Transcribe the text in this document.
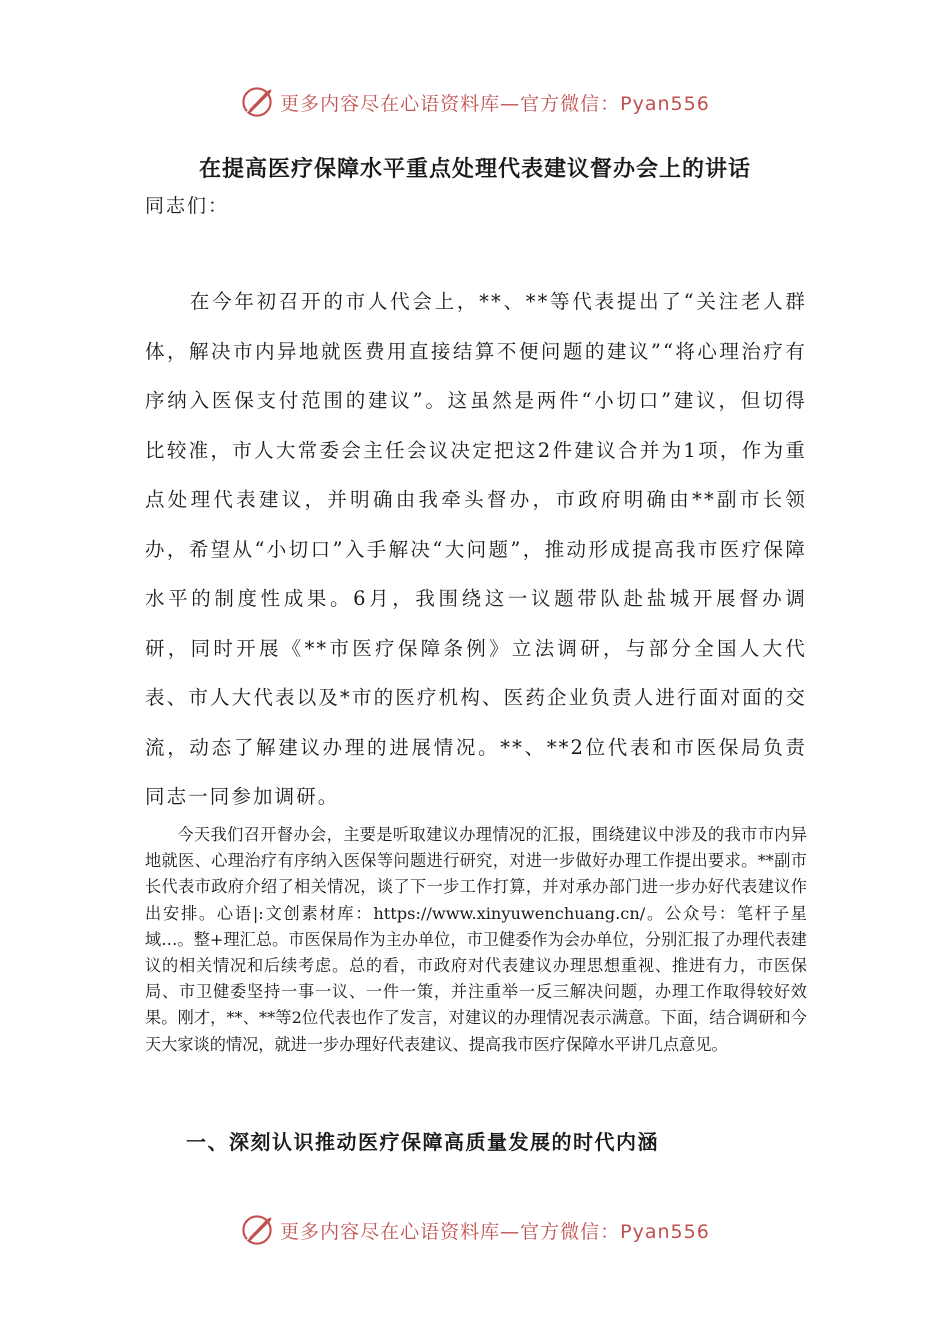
更多内容尽在心语资料库—官方微信：Pyan556
在提高医疗保障水平重点处理代表建议督办会上的讲话
同志们：

在今年初召开的市人代会上，**、**等代表提出了“关注老人群体，解决市内异地就医费用直接结算不便问题的建议”“将心理治疗有序纳入医保支付范围的建议”。这虽然是两件“小切口”建议，但切得比较准，市人大常委会主任会议决定把这2件建议合并为1项，作为重点处理代表建议，并明确由我牵头督办，市政府明确由**副市长领办，希望从“小切口”入手解决“大问题”，推动形成提高我市医疗保障水平的制度性成果。6月，我围绕这一议题带队赴盐城开展督办调研，同时开展《**市医疗保障条例》立法调研，与部分全国人大代表、市人大代表以及*市的医疗机构、医药企业负责人进行面对面的交流，动态了解建议办理的进展情况。**、**2位代表和市医保局负责同志一同参加调研。

今天我们召开督办会，主要是听取建议办理情况的汇报，围绕建议中涉及的我市市内异地就医、心理治疗有序纳入医保等问题进行研究，对进一步做好办理工作提出要求。**副市长代表市政府介绍了相关情况，谈了下一步工作打算，并对承办部门进一步办好代表建议作出安排。心语|:文创素材库：https://www.xinyuwenchuang.cn/。公众号：笔杆子星域…。整+理汇总。市医保局作为主办单位，市卫健委作为会办单位，分别汇报了办理代表建议的相关情况和后续考虑。总的看，市政府对代表建议办理思想重视、推进有力，市医保局、市卫健委坚持一事一议、一件一策，并注重举一反三解决问题，办理工作取得较好效果。刚才，**、**等2位代表也作了发言，对建议的办理情况表示满意。下面，结合调研和今天大家谈的情况，就进一步办理好代表建议、提高我市医疗保障水平讲几点意见。

一、深刻认识推动医疗保障高质量发展的时代内涵
更多内容尽在心语资料库—官方微信：Pyan556
